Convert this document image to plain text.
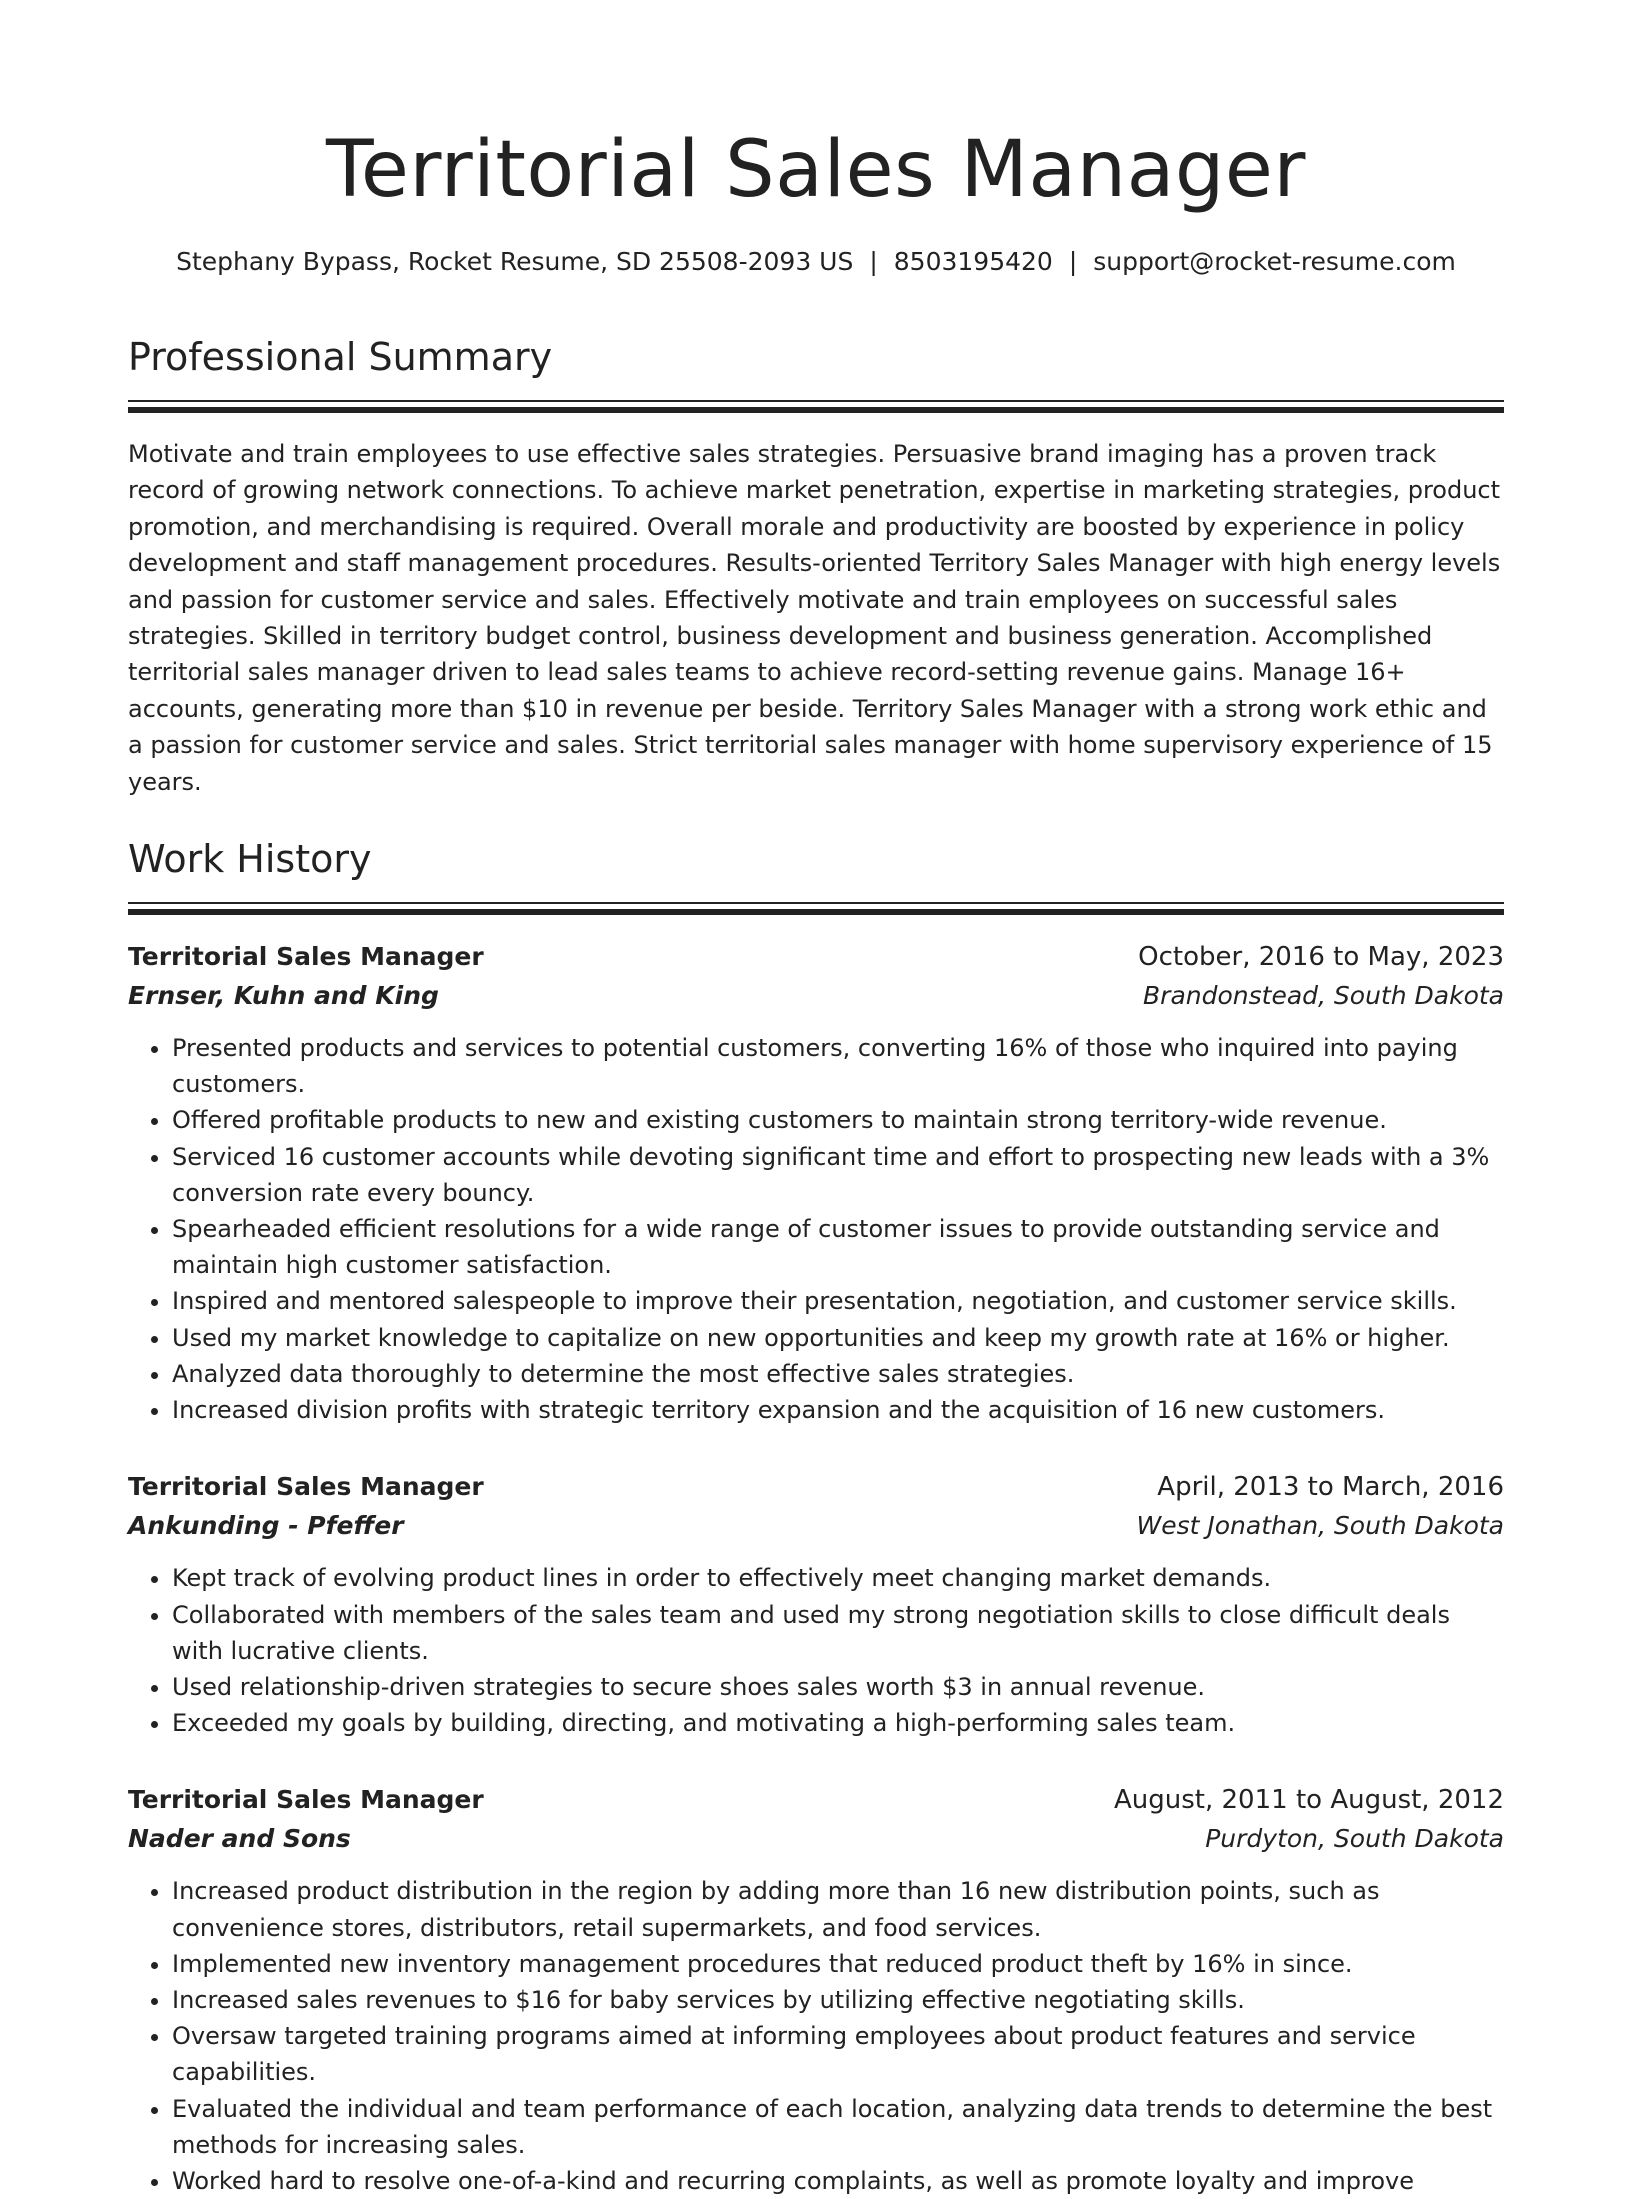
Territorial Sales Manager
Stephany Bypass, Rocket Resume, SD 25508-2093 US | 8503195420 | support@rocket-resume.com
Professional Summary

Motivate and train employees to use effective sales strategies. Persuasive brand imaging has a proven track record of growing network connections. To achieve market penetration, expertise in marketing strategies, product promotion, and merchandising is required. Overall morale and productivity are boosted by experience in policy development and staff management procedures. Results-oriented Territory Sales Manager with high energy levels and passion for customer service and sales. Effectively motivate and train employees on successful sales strategies. Skilled in territory budget control, business development and business generation. Accomplished territorial sales manager driven to lead sales teams to achieve record-setting revenue gains. Manage 16+ accounts, generating more than $10 in revenue per beside. Territory Sales Manager with a strong work ethic and a passion for customer service and sales. Strict territorial sales manager with home supervisory experience of 15 years.

Work History
Territorial Sales Manager	October, 2016 to May, 2023
Ernser, Kuhn and King	Brandonstead, South Dakota
• Presented products and services to potential customers, converting 16% of those who inquired into paying customers.
• Offered profitable products to new and existing customers to maintain strong territory-wide revenue.
• Serviced 16 customer accounts while devoting significant time and effort to prospecting new leads with a 3% conversion rate every bouncy.
• Spearheaded efficient resolutions for a wide range of customer issues to provide outstanding service and maintain high customer satisfaction.
• Inspired and mentored salespeople to improve their presentation, negotiation, and customer service skills.
• Used my market knowledge to capitalize on new opportunities and keep my growth rate at 16% or higher.
• Analyzed data thoroughly to determine the most effective sales strategies.
• Increased division profits with strategic territory expansion and the acquisition of 16 new customers.
Territorial Sales Manager	April, 2013 to March, 2016
Ankunding - Pfeffer	West Jonathan, South Dakota
• Kept track of evolving product lines in order to effectively meet changing market demands.
• Collaborated with members of the sales team and used my strong negotiation skills to close difficult deals with lucrative clients.
• Used relationship-driven strategies to secure shoes sales worth $3 in annual revenue.
• Exceeded my goals by building, directing, and motivating a high-performing sales team.
Territorial Sales Manager	August, 2011 to August, 2012
Nader and Sons	Purdyton, South Dakota
• Increased product distribution in the region by adding more than 16 new distribution points, such as convenience stores, distributors, retail supermarkets, and food services.
• Implemented new inventory management procedures that reduced product theft by 16% in since.
• Increased sales revenues to $16 for baby services by utilizing effective negotiating skills.
• Oversaw targeted training programs aimed at informing employees about product features and service capabilities.
• Evaluated the individual and team performance of each location, analyzing data trends to determine the best methods for increasing sales.
• Worked hard to resolve one-of-a-kind and recurring complaints, as well as promote loyalty and improve
